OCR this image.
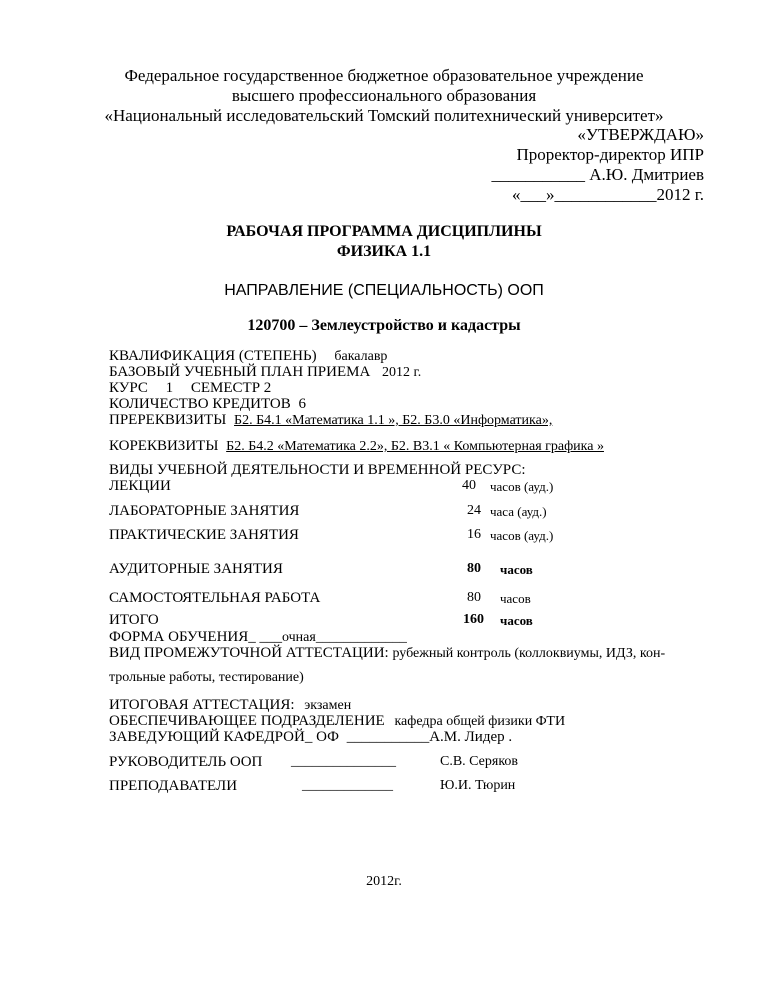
Федеральное государственное бюджетное образовательное учреждение
высшего профессионального образования
«Национальный исследовательский Томский политехнический университет»
«УТВЕРЖДАЮ»
Проректор-директор ИПР
___________ А.Ю. Дмитриев
«___»____________2012 г.
РАБОЧАЯ ПРОГРАММА ДИСЦИПЛИНЫ
ФИЗИКА 1.1
НАПРАВЛЕНИЕ (СПЕЦИАЛЬНОСТЬ) ООП
120700 – Землеустройство и кадастры
КВАЛИФИКАЦИЯ (СТЕПЕНЬ) бакалавр
БАЗОВЫЙ УЧЕБНЫЙ ПЛАН ПРИЕМА 2012 г.
КУРС 1 СЕМЕСТР 2
КОЛИЧЕСТВО КРЕДИТОВ 6
ПРЕРЕКВИЗИТЫ Б2. Б4.1 «Математика 1.1 », Б2. Б3.0 «Информатика»,
КОРЕКВИЗИТЫ Б2. Б4.2 «Математика 2.2», Б2. В3.1 « Компьютерная графика »
ВИДЫ УЧЕБНОЙ ДЕЯТЕЛЬНОСТИ И ВРЕМЕННОЙ РЕСУРС:
ЛЕКЦИИ	40 часов (ауд.)
ЛАБОРАТОРНЫЕ ЗАНЯТИЯ	24 часа (ауд.)
ПРАКТИЧЕСКИЕ ЗАНЯТИЯ	16 часов (ауд.)
АУДИТОРНЫЕ ЗАНЯТИЯ	80 часов
САМОСТОЯТЕЛЬНАЯ РАБОТА	80 часов
ИТОГО	160 часов
ФОРМА ОБУЧЕНИЯ_ ___очная_____________
ВИД ПРОМЕЖУТОЧНОЙ АТТЕСТАЦИИ: рубежный контроль (коллоквиумы, ИДЗ, кон-
трольные работы, тестирование)
ИТОГОВАЯ АТТЕСТАЦИЯ: экзамен
ОБЕСПЕЧИВАЮЩЕЕ ПОДРАЗДЕЛЕНИЕ кафедра общей физики ФТИ
ЗАВЕДУЮЩИЙ КАФЕДРОЙ_ ОФ ___________А.М. Лидер .
РУКОВОДИТЕЛЬ ООП _______________	С.В. Серяков
ПРЕПОДАВАТЕЛИ	_____________	Ю.И. Тюрин
2012г.
